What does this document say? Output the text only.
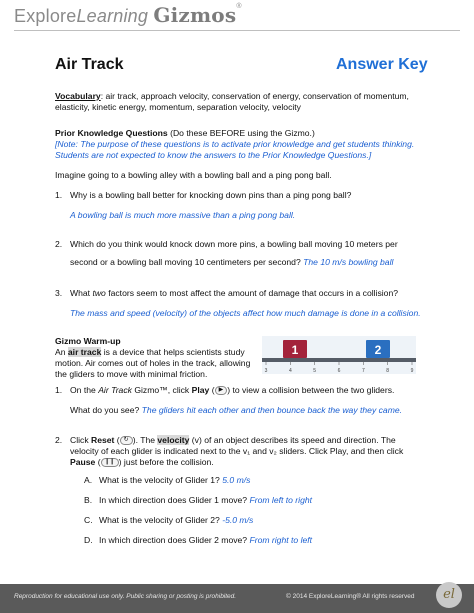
ExploreLearning Gizmos®
Air Track	Answer Key
Vocabulary: air track, approach velocity, conservation of energy, conservation of momentum,
elasticity, kinetic energy, momentum, separation velocity, velocity
Prior Knowledge Questions (Do these BEFORE using the Gizmo.)
[Note: The purpose of these questions is to activate prior knowledge and get students thinking.
Students are not expected to know the answers to the Prior Knowledge Questions.]
Imagine going to a bowling alley with a bowling ball and a ping pong ball.
1. Why is a bowling ball better for knocking down pins than a ping pong ball?
A bowling ball is much more massive than a ping pong ball.
2. Which do you think would knock down more pins, a bowling ball moving 10 meters per
second or a bowling ball moving 10 centimeters per second? The 10 m/s bowling ball
3. What two factors seem to most affect the amount of damage that occurs in a collision?
The mass and speed (velocity) of the objects affect how much damage is done in a collision.
Gizmo Warm-up
An air track is a device that helps scientists study
motion. Air comes out of holes in the track, allowing
the gliders to move with minimal friction.
1	2
3	4	5	6	7	8	9
1. On the Air Track Gizmo™, click Play ( ▶ ) to view a collision between the two gliders.
What do you see? The gliders hit each other and then bounce back the way they came.
2. Click Reset ( ↻ ). The velocity (v) of an object describes its speed and direction. The
velocity of each glider is indicated next to the v₁ and v₂ sliders. Click Play, and then click
Pause ( ❙❙ ) just before the collision.
A. What is the velocity of Glider 1? 5.0 m/s
B. In which direction does Glider 1 move? From left to right
C. What is the velocity of Glider 2? -5.0 m/s
D. In which direction does Glider 2 move? From right to left
Reproduction for educational use only. Public sharing or posting is prohibited.	© 2014 ExploreLearning® All rights reserved	el
